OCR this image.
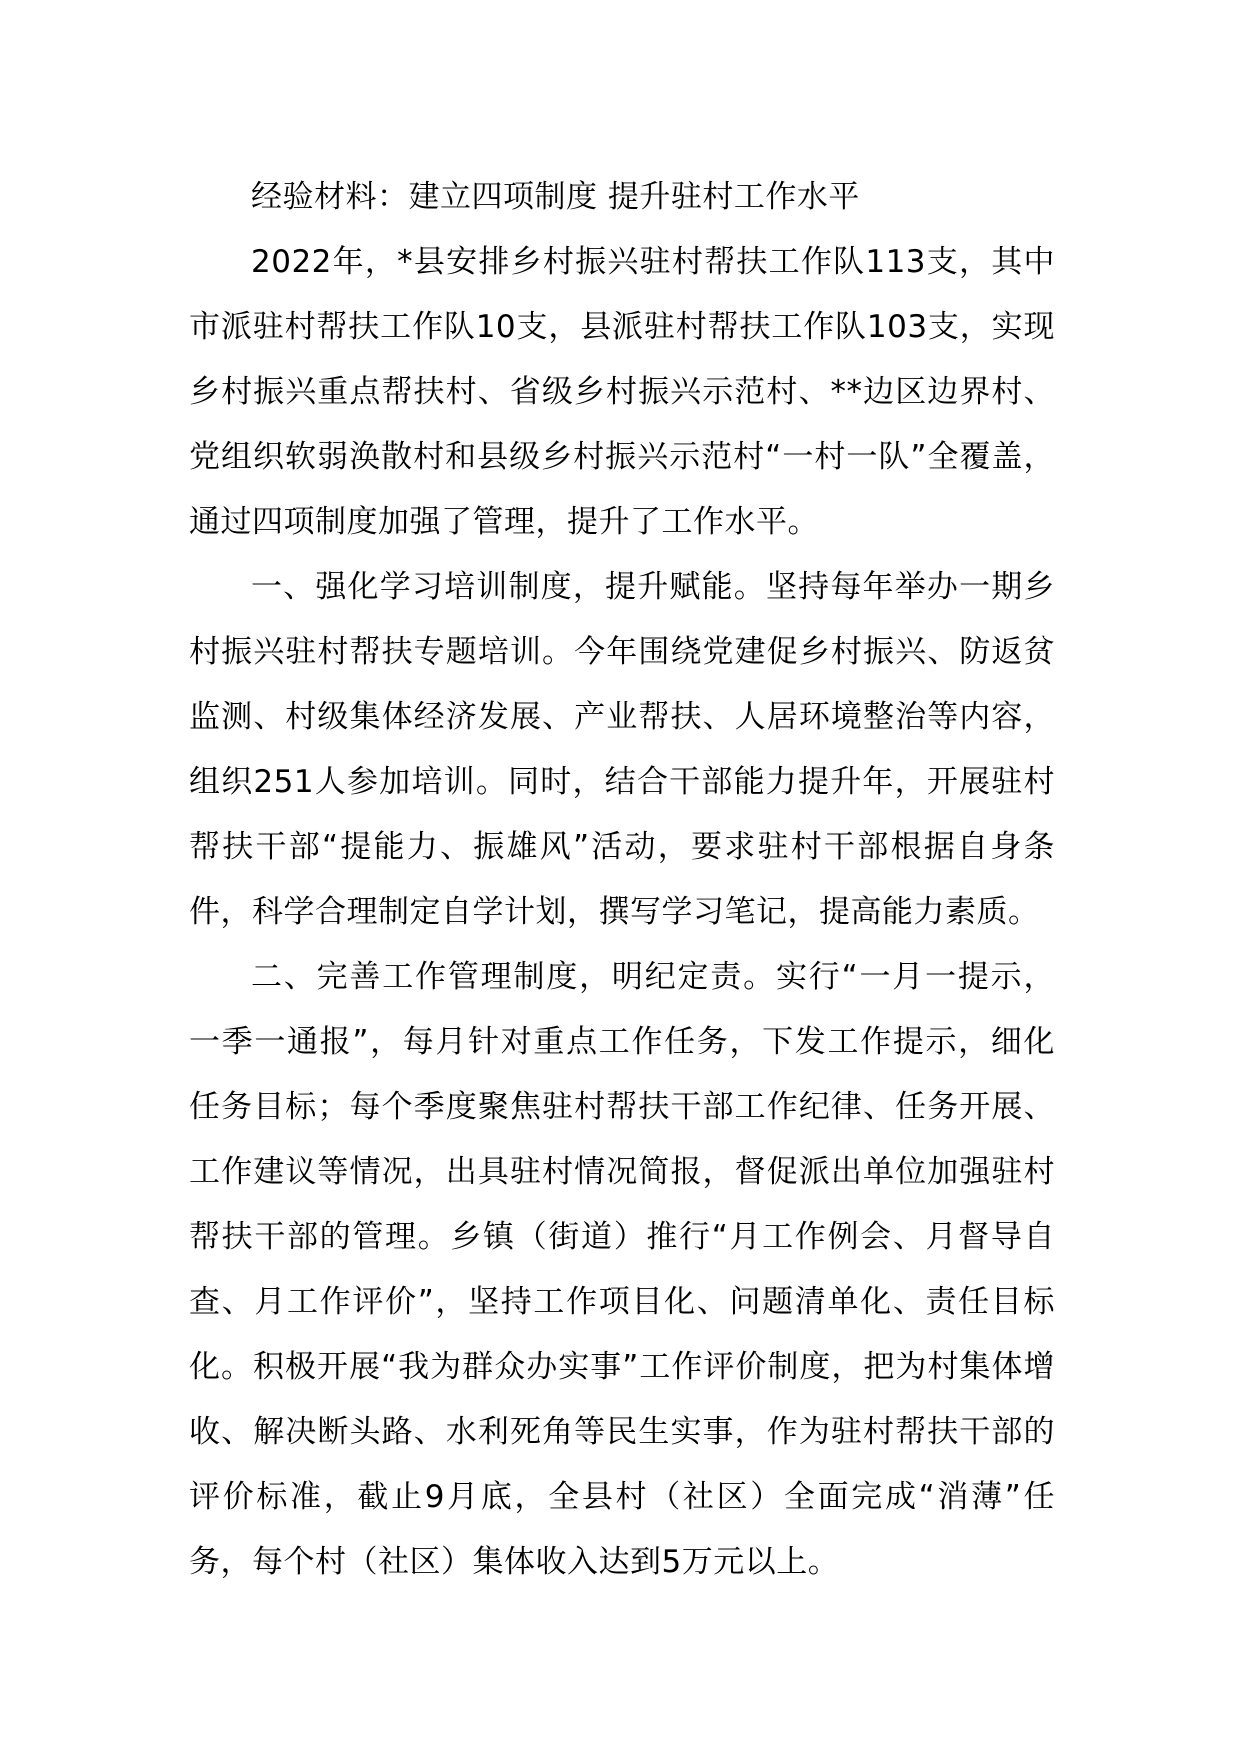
经验材料：建立四项制度 提升驻村工作水平

2022年，*县安排乡村振兴驻村帮扶工作队113支，其中市派驻村帮扶工作队10支，县派驻村帮扶工作队103支，实现乡村振兴重点帮扶村、省级乡村振兴示范村、**边区边界村、党组织软弱涣散村和县级乡村振兴示范村“一村一队”全覆盖，通过四项制度加强了管理，提升了工作水平。

一、强化学习培训制度，提升赋能。坚持每年举办一期乡村振兴驻村帮扶专题培训。今年围绕党建促乡村振兴、防返贫监测、村级集体经济发展、产业帮扶、人居环境整治等内容，组织251人参加培训。同时，结合干部能力提升年，开展驻村帮扶干部“提能力、振雄风”活动，要求驻村干部根据自身条件，科学合理制定自学计划，撰写学习笔记，提高能力素质。

二、完善工作管理制度，明纪定责。实行“一月一提示，一季一通报”，每月针对重点工作任务，下发工作提示，细化任务目标；每个季度聚焦驻村帮扶干部工作纪律、任务开展、工作建议等情况，出具驻村情况简报，督促派出单位加强驻村帮扶干部的管理。乡镇（街道）推行“月工作例会、月督导自查、月工作评价”，坚持工作项目化、问题清单化、责任目标化。积极开展“我为群众办实事”工作评价制度，把为村集体增收、解决断头路、水利死角等民生实事，作为驻村帮扶干部的评价标准，截止9月底，全县村（社区）全面完成“消薄”任务，每个村（社区）集体收入达到5万元以上。
